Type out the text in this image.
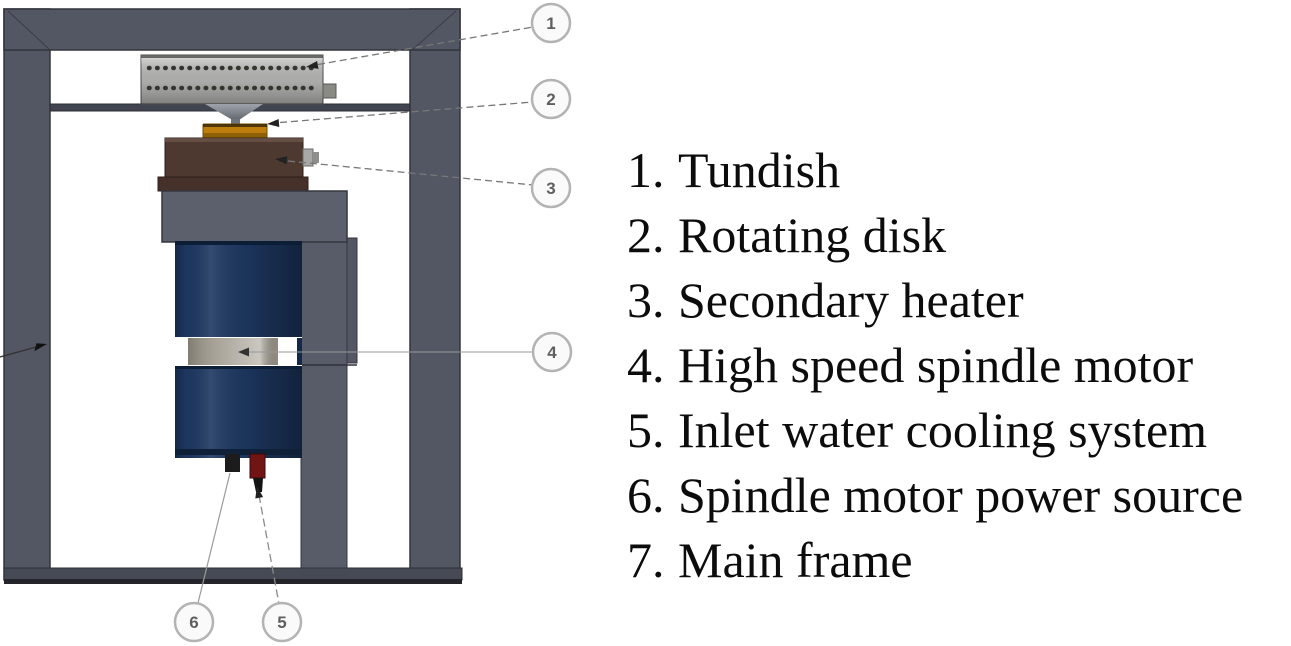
1
2
3
4
5
6
1. Tundish
2. Rotating disk
3. Secondary heater
4. High speed spindle motor
5. Inlet water cooling system
6. Spindle motor power source
7. Main frame
